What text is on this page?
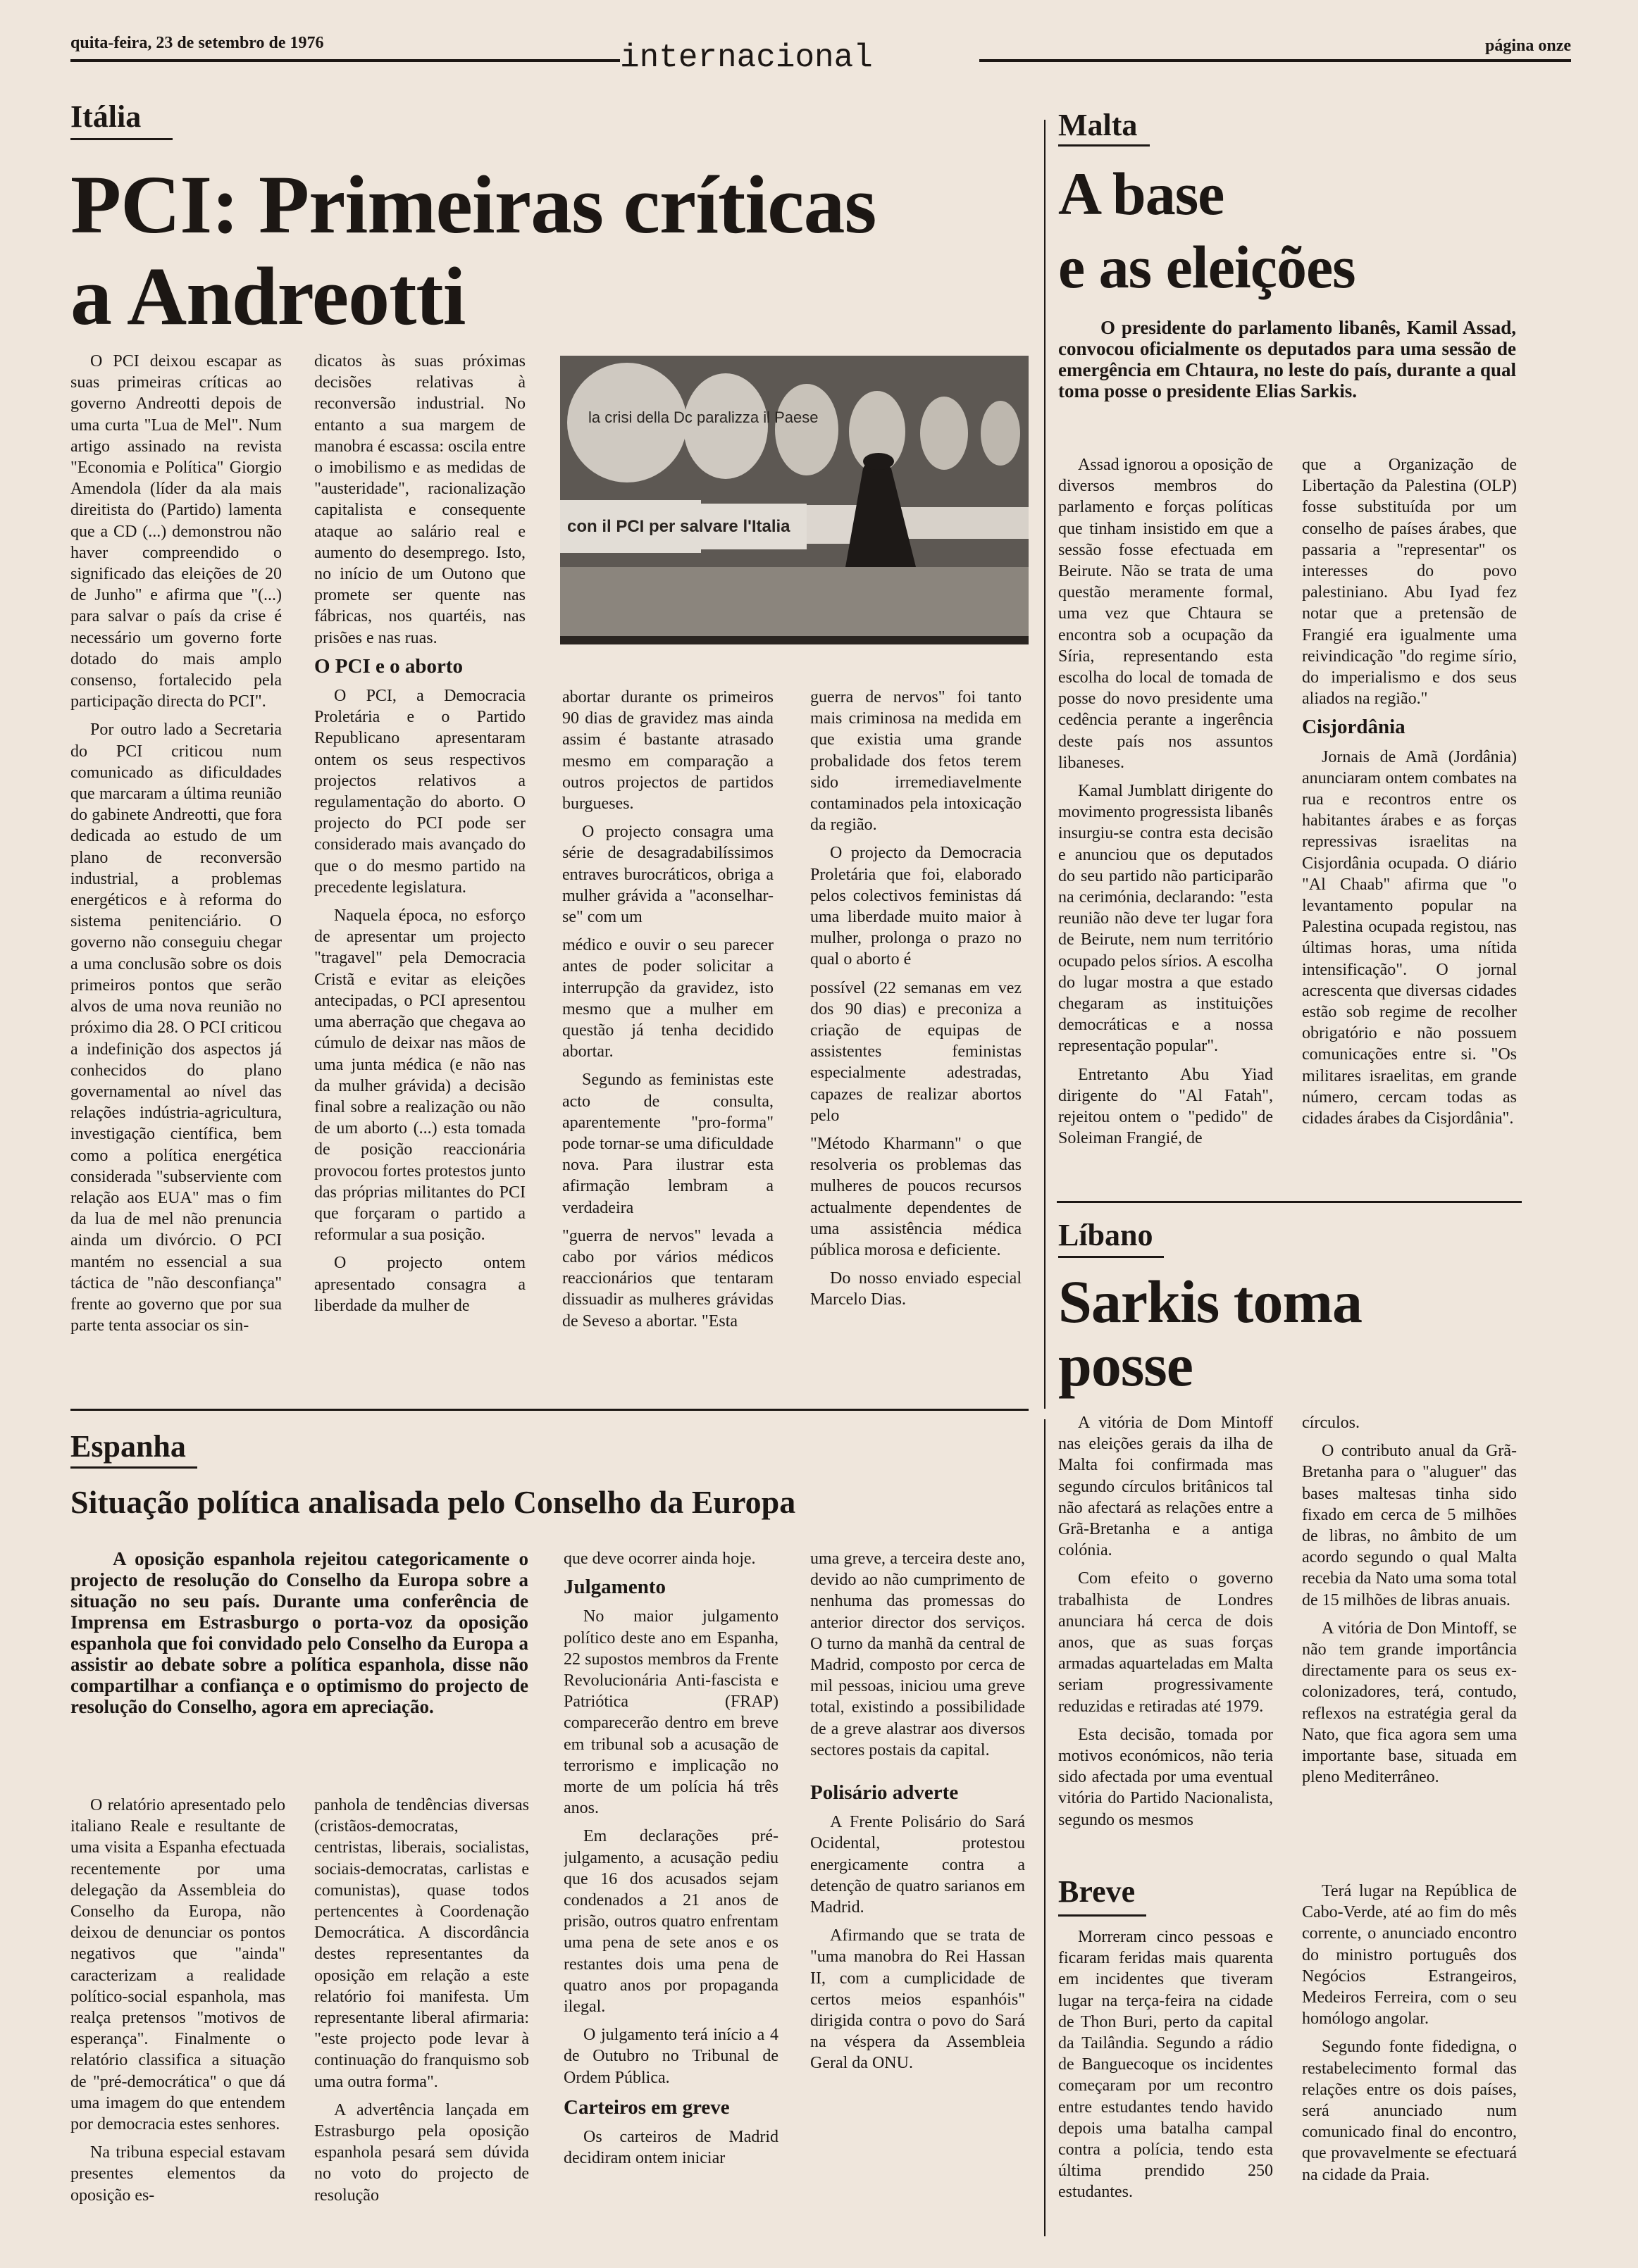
quita-feira, 23 de setembro de 1976	internacional	página onze
Itália
PCI: Primeiras críticas
a Andreotti

O PCI deixou escapar as suas primeiras críticas ao governo Andreotti depois de uma curta "Lua de Mel". Num artigo assinado na revista "Economia e Política" Giorgio Amendola (líder da ala mais direitista do (Partido) lamenta que a CD (...) demonstrou não haver compreendido o significado das eleições de 20 de Junho" e afirma que "(...) para salvar o país da crise é necessário um governo forte dotado do mais amplo consenso, fortalecido pela participação directa do PCI".

Por outro lado a Secretaria do PCI criticou num comunicado as dificuldades que marcaram a última reunião do gabinete Andreotti, que fora dedicada ao estudo de um plano de reconversão industrial, a problemas energéticos e à reforma do sistema penitenciário. O governo não conseguiu chegar a uma conclusão sobre os dois primeiros pontos que serão alvos de uma nova reunião no próximo dia 28. O PCI criticou a indefinição dos aspectos já conhecidos do plano governamental ao nível das relações indústria-agricultura, investigação científica, bem como a política energética considerada "subserviente com relação aos EUA" mas o fim da lua de mel não prenuncia ainda um divórcio. O PCI mantém no essencial a sua táctica de "não desconfiança" frente ao governo que por sua parte tenta associar os sin-

dicatos às suas próximas decisões relativas à reconversão industrial. No entanto a sua margem de manobra é escassa: oscila entre o imobilismo e as medidas de "austeridade", racionalização capitalista e consequente ataque ao salário real e aumento do desemprego. Isto, no início de um Outono que promete ser quente nas fábricas, nos quartéis, nas prisões e nas ruas.

O PCI e o aborto

O PCI, a Democracia Proletária e o Partido Republicano apresentaram ontem os seus respectivos projectos relativos a regulamentação do aborto. O projecto do PCI pode ser considerado mais avançado do que o do mesmo partido na precedente legislatura.

Naquela época, no esforço de apresentar um projecto "tragavel" pela Democracia Cristã e evitar as eleições antecipadas, o PCI apresentou uma aberração que chegava ao cúmulo de deixar nas mãos de uma junta médica (e não nas da mulher grávida) a decisão final sobre a realização ou não de um aborto (...) esta tomada de posição reaccionária provocou fortes protestos junto das próprias militantes do PCI que forçaram o partido a reformular a sua posição.

O projecto ontem apresentado consagra a liberdade da mulher de

la crisi della Dc paralizza il Paese
con il PCI per salvare l'Italia

abortar durante os primeiros 90 dias de gravidez mas ainda assim é bastante atrasado mesmo em comparação a outros projectos de partidos burgueses.

O projecto consagra uma série de desagradabilíssimos entraves burocráticos, obriga a mulher grávida a "aconselhar-se" com um

médico e ouvir o seu parecer antes de poder solicitar a interrupção da gravidez, isto mesmo que a mulher em questão já tenha decidido abortar.

Segundo as feministas este acto de consulta, aparentemente "pro-forma" pode tornar-se uma dificuldade nova. Para ilustrar esta afirmação lembram a verdadeira

"guerra de nervos" levada a cabo por vários médicos reaccionários que tentaram dissuadir as mulheres grávidas de Seveso a abortar. "Esta

guerra de nervos" foi tanto mais criminosa na medida em que existia uma grande probalidade dos fetos terem sido irremediavelmente contaminados pela intoxicação da região.

O projecto da Democracia Proletária que foi, elaborado pelos colectivos feministas dá uma liberdade muito maior à mulher, prolonga o prazo no qual o aborto é

possível (22 semanas em vez dos 90 dias) e preconiza a criação de equipas de assistentes feministas especialmente adestradas, capazes de realizar abortos pelo

"Método Kharmann" o que resolveria os problemas das mulheres de poucos recursos actualmente dependentes de uma assistência médica pública morosa e deficiente.

Do nosso enviado especial Marcelo Dias.

Malta
A base
e as eleições

O presidente do parlamento libanês, Kamil Assad, convocou oficialmente os deputados para uma sessão de emergência em Chtaura, no leste do país, durante a qual toma posse o presidente Elias Sarkis.

Assad ignorou a oposição de diversos membros do parlamento e forças políticas que tinham insistido em que a sessão fosse efectuada em Beirute. Não se trata de uma questão meramente formal, uma vez que Chtaura se encontra sob a ocupação da Síria, representando esta escolha do local de tomada de posse do novo presidente uma cedência perante a ingerência deste país nos assuntos libaneses.

Kamal Jumblatt dirigente do movimento progressista libanês insurgiu-se contra esta decisão e anunciou que os deputados do seu partido não participarão na cerimónia, declarando: "esta reunião não deve ter lugar fora de Beirute, nem num território ocupado pelos sírios. A escolha do lugar mostra a que estado chegaram as instituições democráticas e a nossa representação popular".

Entretanto Abu Yiad dirigente do "Al Fatah", rejeitou ontem o "pedido" de Soleiman Frangié, de

que a Organização de Libertação da Palestina (OLP) fosse substituída por um conselho de países árabes, que passaria a "representar" os interesses do povo palestiniano. Abu Iyad fez notar que a pretensão de Frangié era igualmente uma reivindicação "do regime sírio, do imperialismo e dos seus aliados na região."

Cisjordânia

Jornais de Amã (Jordânia) anunciaram ontem combates na rua e recontros entre os habitantes árabes e as forças repressivas israelitas na Cisjordânia ocupada. O diário "Al Chaab" afirma que "o levantamento popular na Palestina ocupada registou, nas últimas horas, uma nítida intensificação". O jornal acrescenta que diversas cidades estão sob regime de recolher obrigatório e não possuem comunicações entre si. "Os militares israelitas, em grande número, cercam todas as cidades árabes da Cisjordânia".

Líbano
Sarkis toma
posse

A vitória de Dom Mintoff nas eleições gerais da ilha de Malta foi confirmada mas segundo círculos britânicos tal não afectará as relações entre a Grã-Bretanha e a antiga colónia.

Com efeito o governo trabalhista de Londres anunciara há cerca de dois anos, que as suas forças armadas aquarteladas em Malta seriam progressivamente reduzidas e retiradas até 1979.

Esta decisão, tomada por motivos económicos, não teria sido afectada por uma eventual vitória do Partido Nacionalista, segundo os mesmos

círculos.

O contributo anual da Grã-Bretanha para o "aluguer" das bases maltesas tinha sido fixado em cerca de 5 milhões de libras, no âmbito de um acordo segundo o qual Malta recebia da Nato uma soma total de 15 milhões de libras anuais.

A vitória de Don Mintoff, se não tem grande importância directamente para os seus ex-colonizadores, terá, contudo, reflexos na estratégia geral da Nato, que fica agora sem uma importante base, situada em pleno Mediterrâneo.

Breve

Morreram cinco pessoas e ficaram feridas mais quarenta em incidentes que tiveram lugar na terça-feira na cidade de Thon Buri, perto da capital da Tailândia. Segundo a rádio de Banguecoque os incidentes começaram por um recontro entre estudantes tendo havido depois uma batalha campal contra a polícia, tendo esta última prendido 250 estudantes.

Terá lugar na República de Cabo-Verde, até ao fim do mês corrente, o anunciado encontro do ministro português dos Negócios Estrangeiros, Medeiros Ferreira, com o seu homólogo angolar.

Segundo fonte fidedigna, o restabelecimento formal das relações entre os dois países, será anunciado num comunicado final do encontro, que provavelmente se efectuará na cidade da Praia.

Espanha
Situação política analisada pelo Conselho da Europa

A oposição espanhola rejeitou categoricamente o projecto de resolução do Conselho da Europa sobre a situação no seu país. Durante uma conferência de Imprensa em Estrasburgo o porta-voz da oposição espanhola que foi convidado pelo Conselho da Europa a assistir ao debate sobre a política espanhola, disse não compartilhar a confiança e o optimismo do projecto de resolução do Conselho, agora em apreciação.

O relatório apresentado pelo italiano Reale e resultante de uma visita a Espanha efectuada recentemente por uma delegação da Assembleia do Conselho da Europa, não deixou de denunciar os pontos negativos que "ainda" caracterizam a realidade político-social espanhola, mas realça pretensos "motivos de esperança". Finalmente o relatório classifica a situação de "pré-democrática" o que dá uma imagem do que entendem por democracia estes senhores.

Na tribuna especial estavam presentes elementos da oposição es-

panhola de tendências diversas (cristãos-democratas, centristas, liberais, socialistas, sociais-democratas, carlistas e comunistas), quase todos pertencentes à Coordenação Democrática. A discordância destes representantes da oposição em relação a este relatório foi manifesta. Um representante liberal afirmaria: "este projecto pode levar à continuação do franquismo sob uma outra forma".

A advertência lançada em Estrasburgo pela oposição espanhola pesará sem dúvida no voto do projecto de resolução

que deve ocorrer ainda hoje.

Julgamento

No maior julgamento político deste ano em Espanha, 22 supostos membros da Frente Revolucionária Anti-fascista e Patriótica (FRAP) comparecerão dentro em breve em tribunal sob a acusação de terrorismo e implicação no morte de um polícia há três anos.

Em declarações pré-julgamento, a acusação pediu que 16 dos acusados sejam condenados a 21 anos de prisão, outros quatro enfrentam uma pena de sete anos e os restantes dois uma pena de quatro anos por propaganda ilegal.

O julgamento terá início a 4 de Outubro no Tribunal de Ordem Pública.

Carteiros em greve

Os carteiros de Madrid decidiram ontem iniciar

uma greve, a terceira deste ano, devido ao não cumprimento de nenhuma das promessas do anterior director dos serviços. O turno da manhã da central de Madrid, composto por cerca de mil pessoas, iniciou uma greve total, existindo a possibilidade de a greve alastrar aos diversos sectores postais da capital.

Polisário adverte

A Frente Polisário do Sará Ocidental, protestou energicamente contra a detenção de quatro sarianos em Madrid.

Afirmando que se trata de "uma manobra do Rei Hassan II, com a cumplicidade de certos meios espanhóis" dirigida contra o povo do Sará na véspera da Assembleia Geral da ONU.
